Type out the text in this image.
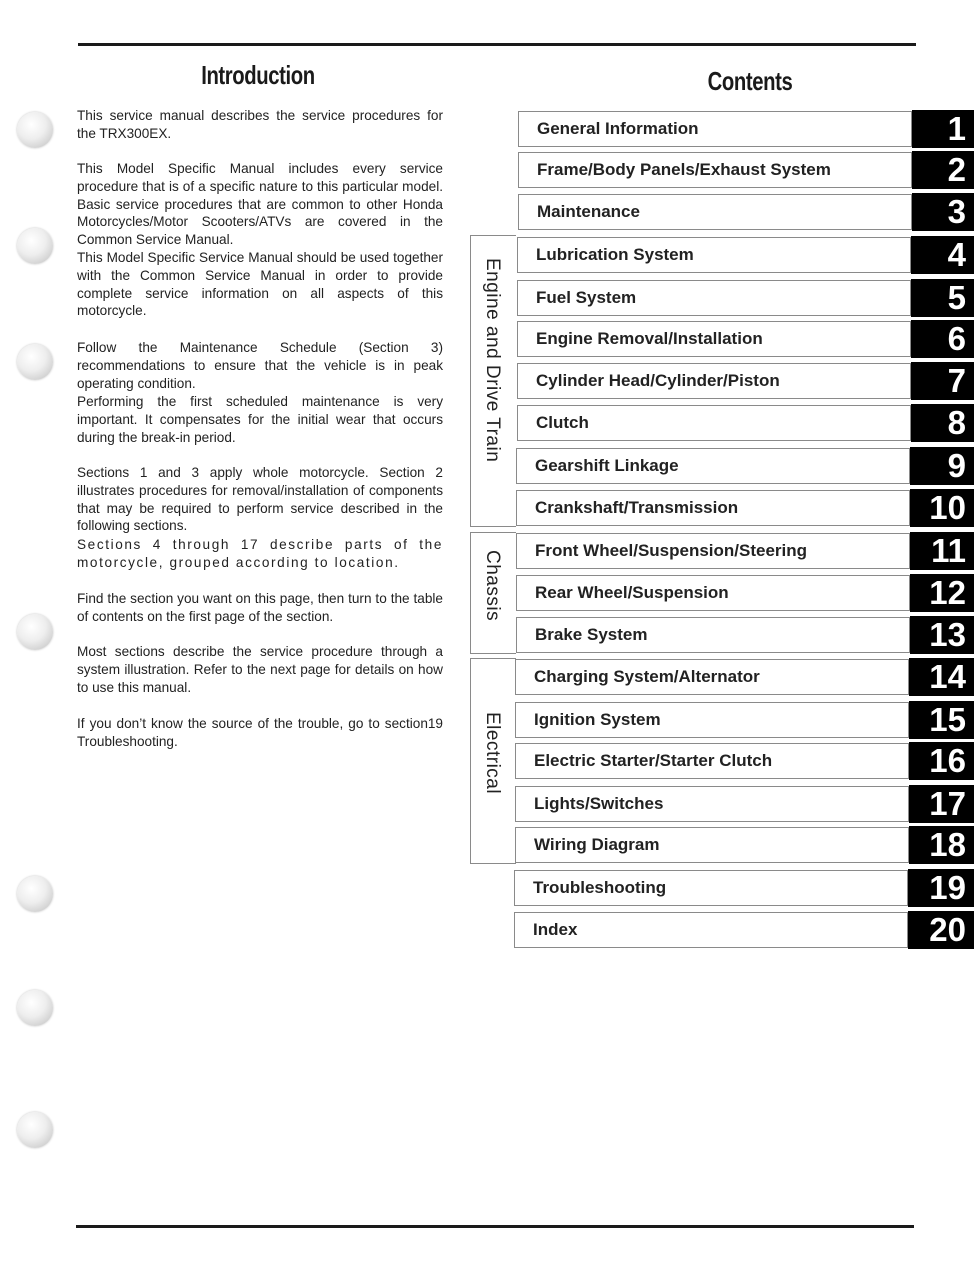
Introduction

This service manual describes the service procedures for the TRX300EX.

This Model Specific Manual includes every service procedure that is of a specific nature to this particular model. Basic service procedures that are common to other Honda Motorcycles/Motor Scooters/ATVs are covered in the Common Service Manual.

This Model Specific Service Manual should be used together with the Common Service Manual in order to provide complete service information on all aspects of this motorcycle.

Follow the Maintenance Schedule (Section 3) recommendations to ensure that the vehicle is in peak operating condition.

Performing the first scheduled maintenance is very important. It compensates for the initial wear that occurs during the break-in period.

Sections 1 and 3 apply whole motorcycle. Section 2 illustrates procedures for removal/installation of components that may be required to perform service described in the following sections.

Sections 4 through 17 describe parts of the motorcycle, grouped according to location.

Find the section you want on this page, then turn to the table of contents on the first page of the section.

Most sections describe the service procedure through a system illustration. Refer to the next page for details on how to use this manual.

If you don’t know the source of the trouble, go to section19 Troubleshooting.

Contents
Engine and Drive Train
Chassis
Electrical
General Information	1
Frame/Body Panels/Exhaust System	2
Maintenance	3
Lubrication System	4
Fuel System	5
Engine Removal/Installation	6
Cylinder Head/Cylinder/Piston	7
Clutch	8
Gearshift Linkage	9
Crankshaft/Transmission	10
Front Wheel/Suspension/Steering	11
Rear Wheel/Suspension	12
Brake System	13
Charging System/Alternator	14
Ignition System	15
Electric Starter/Starter Clutch	16
Lights/Switches	17
Wiring Diagram	18
Troubleshooting	19
Index	20
